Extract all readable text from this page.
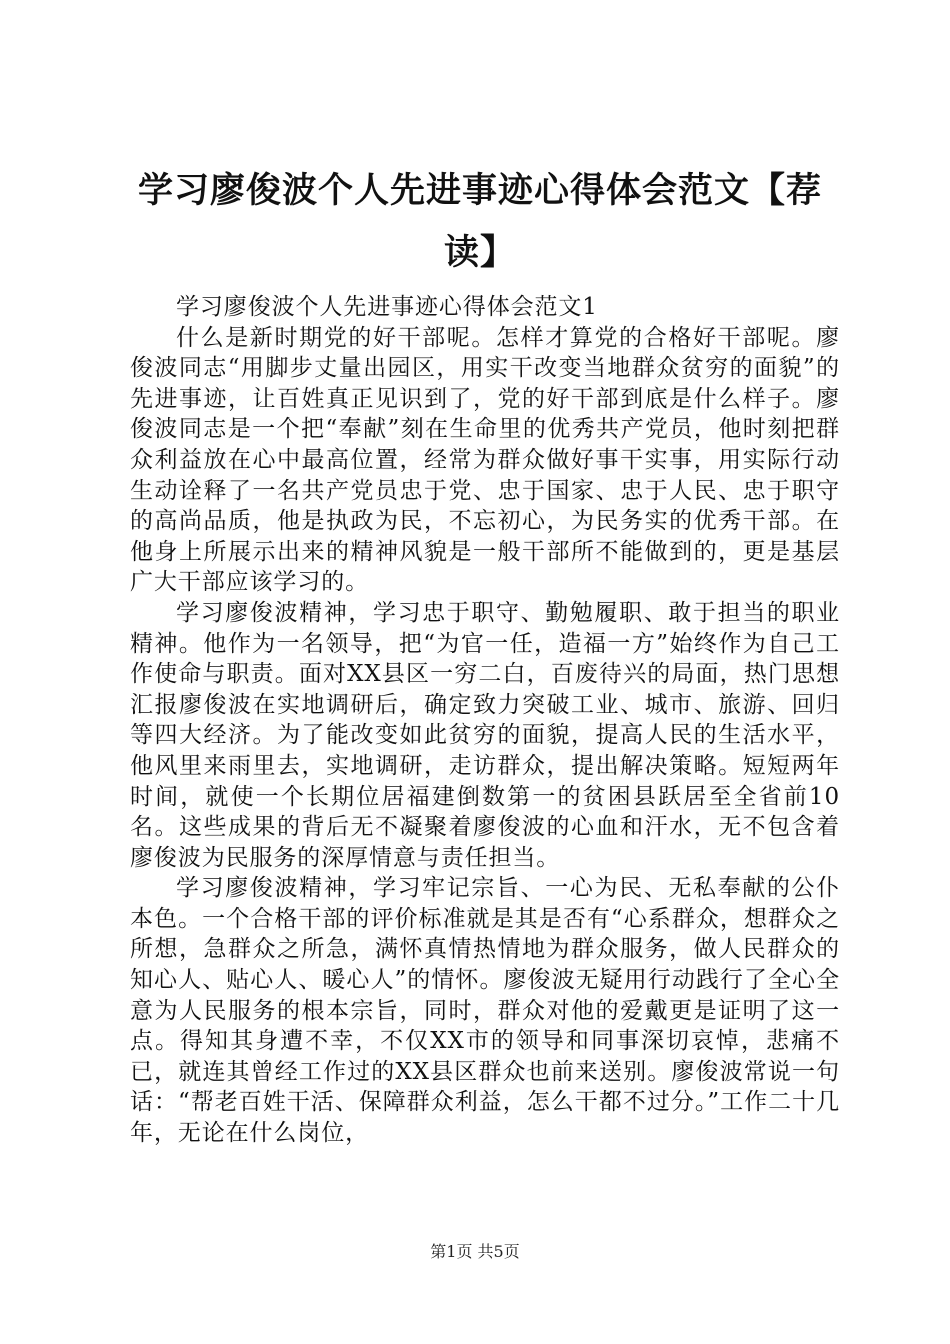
学习廖俊波个人先进事迹心得体会范文【荐读】

学习廖俊波个人先进事迹心得体会范文1

什么是新时期党的好干部呢。怎样才算党的合格好干部呢。廖俊波同志“用脚步丈量出园区，用实干改变当地群众贫穷的面貌”的先进事迹，让百姓真正见识到了，党的好干部到底是什么样子。廖俊波同志是一个把“奉献”刻在生命里的优秀共产党员，他时刻把群众利益放在心中最高位置，经常为群众做好事干实事，用实际行动生动诠释了一名共产党员忠于党、忠于国家、忠于人民、忠于职守的高尚品质，他是执政为民，不忘初心，为民务实的优秀干部。在他身上所展示出来的精神风貌是一般干部所不能做到的，更是基层广大干部应该学习的。

学习廖俊波精神，学习忠于职守、勤勉履职、敢于担当的职业精神。他作为一名领导，把“为官一任，造福一方”始终作为自己工作使命与职责。面对XX县区一穷二白，百废待兴的局面，热门思想汇报廖俊波在实地调研后，确定致力突破工业、城市、旅游、回归等四大经济。为了能改变如此贫穷的面貌，提高人民的生活水平，他风里来雨里去，实地调研，走访群众，提出解决策略。短短两年时间，就使一个长期位居福建倒数第一的贫困县跃居至全省前10名。这些成果的背后无不凝聚着廖俊波的心血和汗水，无不包含着廖俊波为民服务的深厚情意与责任担当。

学习廖俊波精神，学习牢记宗旨、一心为民、无私奉献的公仆本色。一个合格干部的评价标准就是其是否有“心系群众，想群众之所想，急群众之所急，满怀真情热情地为群众服务，做人民群众的知心人、贴心人、暖心人”的情怀。廖俊波无疑用行动践行了全心全意为人民服务的根本宗旨，同时，群众对他的爱戴更是证明了这一点。得知其身遭不幸，不仅XX市的领导和同事深切哀悼，悲痛不已，就连其曾经工作过的XX县区群众也前来送别。廖俊波常说一句话：“帮老百姓干活、保障群众利益，怎么干都不过分。”工作二十几年，无论在什么岗位，

第1页 共5页
